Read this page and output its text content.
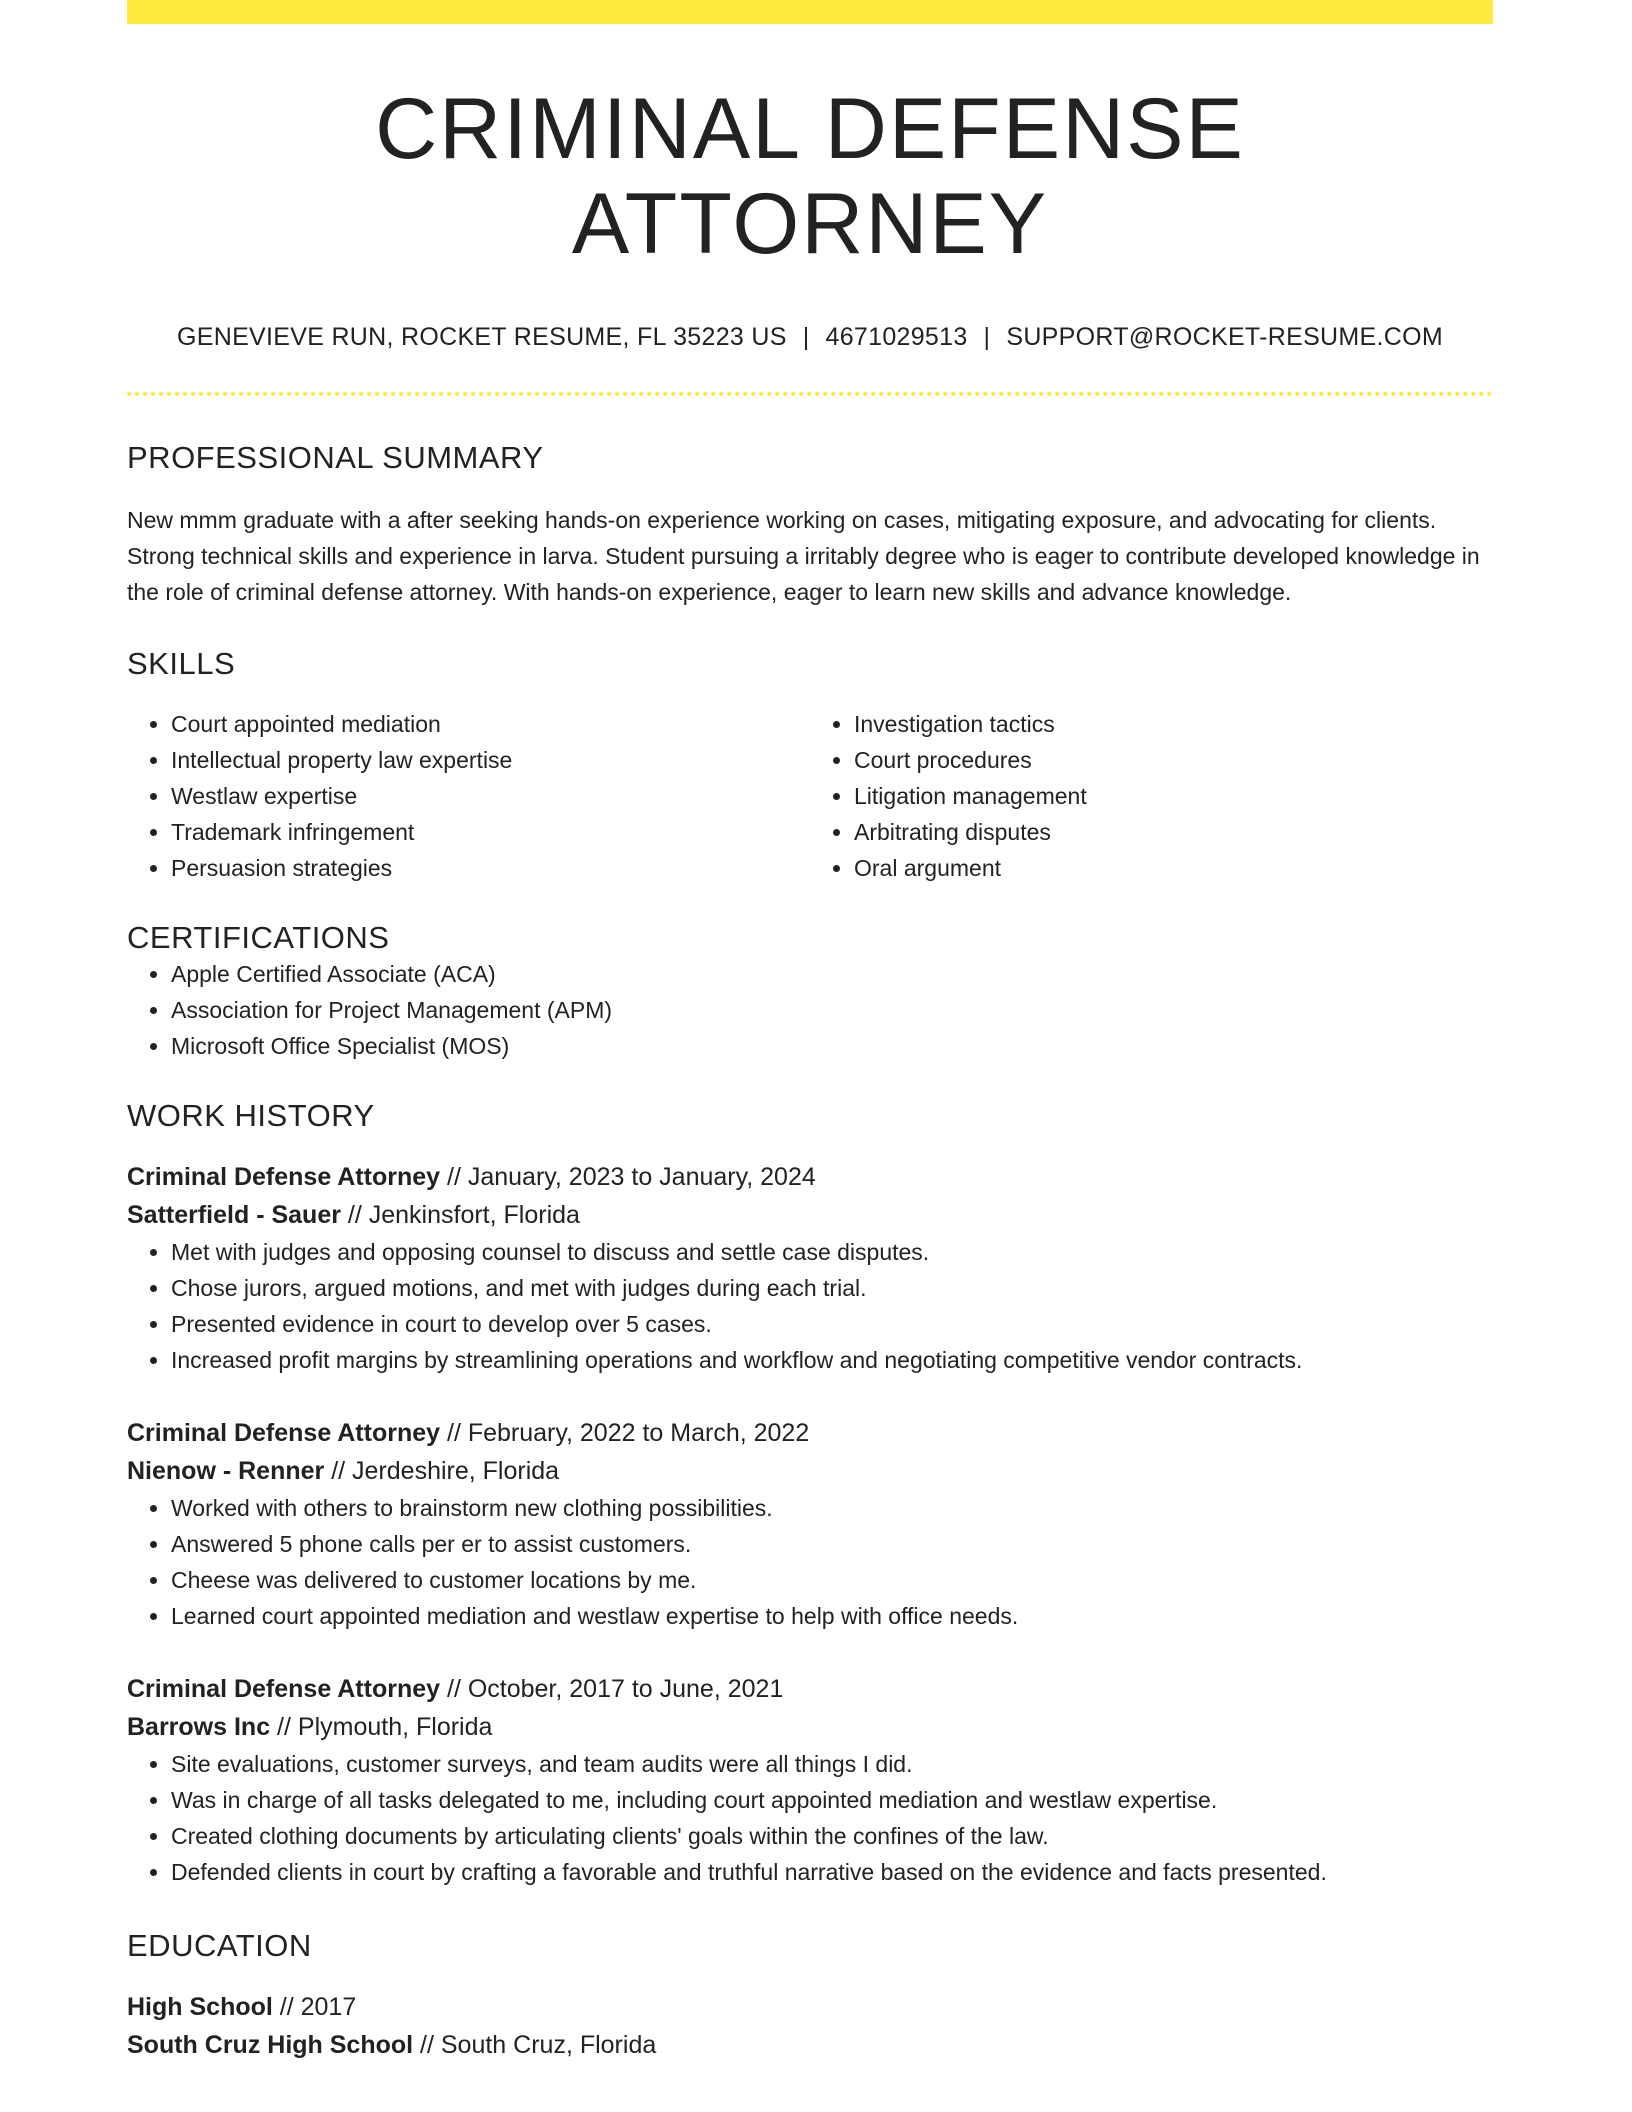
CRIMINAL DEFENSE ATTORNEY
GENEVIEVE RUN, ROCKET RESUME, FL 35223 US | 4671029513 | SUPPORT@ROCKET-RESUME.COM
PROFESSIONAL SUMMARY
New mmm graduate with a after seeking hands-on experience working on cases, mitigating exposure, and advocating for clients. Strong technical skills and experience in larva. Student pursuing a irritably degree who is eager to contribute developed knowledge in the role of criminal defense attorney. With hands-on experience, eager to learn new skills and advance knowledge.
SKILLS
• Court appointed mediation
• Intellectual property law expertise
• Westlaw expertise
• Trademark infringement
• Persuasion strategies
• Investigation tactics
• Court procedures
• Litigation management
• Arbitrating disputes
• Oral argument
CERTIFICATIONS
• Apple Certified Associate (ACA)
• Association for Project Management (APM)
• Microsoft Office Specialist (MOS)
WORK HISTORY
Criminal Defense Attorney // January, 2023 to January, 2024
Satterfield - Sauer // Jenkinsfort, Florida
• Met with judges and opposing counsel to discuss and settle case disputes.
• Chose jurors, argued motions, and met with judges during each trial.
• Presented evidence in court to develop over 5 cases.
• Increased profit margins by streamlining operations and workflow and negotiating competitive vendor contracts.
Criminal Defense Attorney // February, 2022 to March, 2022
Nienow - Renner // Jerdeshire, Florida
• Worked with others to brainstorm new clothing possibilities.
• Answered 5 phone calls per er to assist customers.
• Cheese was delivered to customer locations by me.
• Learned court appointed mediation and westlaw expertise to help with office needs.
Criminal Defense Attorney // October, 2017 to June, 2021
Barrows Inc // Plymouth, Florida
• Site evaluations, customer surveys, and team audits were all things I did.
• Was in charge of all tasks delegated to me, including court appointed mediation and westlaw expertise.
• Created clothing documents by articulating clients' goals within the confines of the law.
• Defended clients in court by crafting a favorable and truthful narrative based on the evidence and facts presented.
EDUCATION
High School // 2017
South Cruz High School // South Cruz, Florida
